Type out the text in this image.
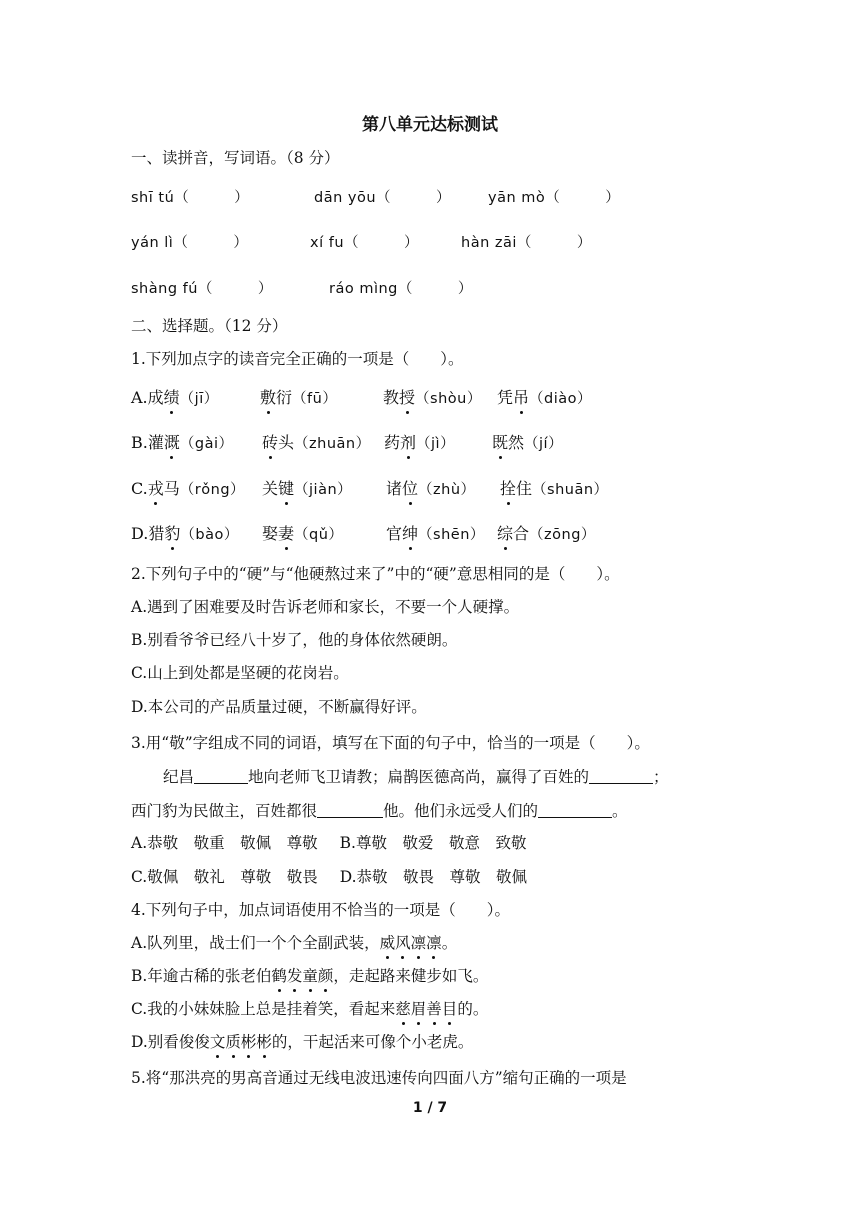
第八单元达标测试
一、读拼音，写词语。（8 分）
shī tú（　　　）	dān yōu（　　　）	yān mò（　　　）
yán lì（　　　）	xí fu（　　　）	hàn zāi（　　　）
shàng fú（　　　）	ráo mìng（　　　）
二、选择题。（12 分）
1.下列加点字的读音完全正确的一项是（　　）。
A.成绩（jī）	敷衍（fū）	教授（shòu） 凭吊（diào）
B.灌溉（gài） 砖头（zhuān） 药剂（jì） 既然（jí）
C.戎马（rǒng） 关键（jiàn） 诸位（zhù） 拴住（shuān）
D.猎豹（bào） 娶妻（qǔ）	官绅（shēn） 综合（zōng）
2.下列句子中的“硬”与“他硬熬过来了”中的“硬”意思相同的是（　　）。
A.遇到了困难要及时告诉老师和家长，不要一个人硬撑。
B.别看爷爷已经八十岁了，他的身体依然硬朗。
C.山上到处都是坚硬的花岗岩。
D.本公司的产品质量过硬，不断赢得好评。
3.用“敬”字组成不同的词语，填写在下面的句子中，恰当的一项是（　　）。
纪昌	地向老师飞卫请教；扁鹊医德高尚，赢得了百姓的	；
西门豹为民做主，百姓都很	他。他们永远受人们的	。
A.恭敬　敬重　敬佩　尊敬 B.尊敬　敬爱　敬意　致敬
C.敬佩　敬礼　尊敬　敬畏 D.恭敬　敬畏　尊敬　敬佩
4.下列句子中，加点词语使用不恰当的一项是（　　）。
A.队列里，战士们一个个全副武装，威风凛凛。
B.年逾古稀的张老伯鹤发童颜，走起路来健步如飞。
C.我的小妹妹脸上总是挂着笑，看起来慈眉善目的。
D.别看俊俊文质彬彬的，干起活来可像个小老虎。
5.将“那洪亮的男高音通过无线电波迅速传向四面八方”缩句正确的一项是
1 / 7
